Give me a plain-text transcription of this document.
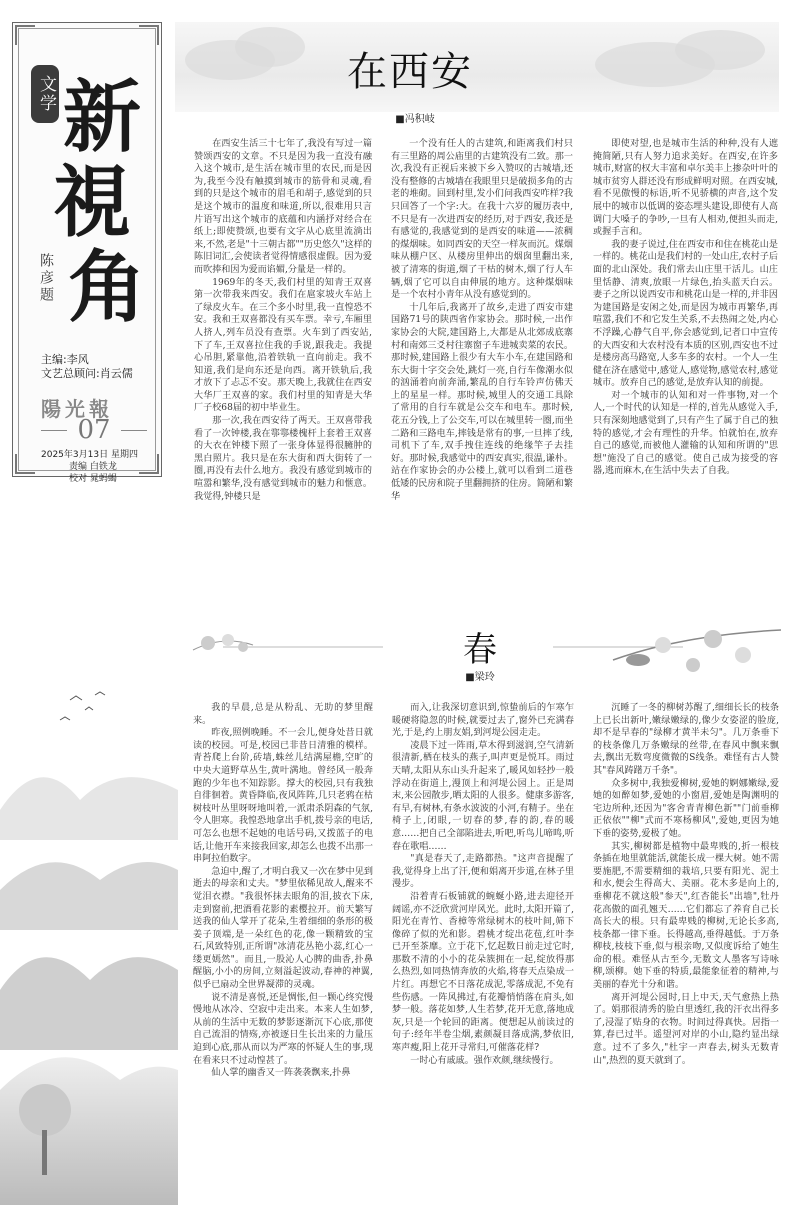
文学 新
視
角
陈彦题
主编:李风
文艺总顾问:肖云儒
陽光報
07
2025年3月13日 星期四
责编 白铁龙
校对 晁蚂蝎
在西安
■冯积岐

在西安生活三十七年了,我没有写过一篇赞颂西安的文章。不只是因为我一直没有融入这个城市,是生活在城市里的农民,而是因为,我至今没有触摸到城市的筋骨和灵魂,看到的只是这个城市的眉毛和胡子,感觉到的只是这个城市的温度和味道,所以,很难用只言片语写出这个城市的底蕴和内涵抒对经合在纸上;即使赞颂,也要有文字从心底里流淌出来,不然,老是"十三朝古都""历史悠久"这样的陈旧词汇,会使读者觉得情感很虚假。因为爱而吹捧和因为爱而谄媚,分量是一样的。

1969年的冬天,我们村里的知青王双喜第一次带我来西安。我们在扈家坡火车站上了绿皮火车。在三个多小时里,我一直惶恐不安。我和王双喜都没有买车票。幸亏,车厢里人挤人,列车员没有查票。火车到了西安站,下了车,王双喜拉住我的手说,跟我走。我提心吊胆,紧靠他,沿着铁轨一直向前走。我不知道,我们是向东还是向西。离开铁轨后,我才放下了忐忑不安。那天晚上,我就住在西安大华厂王双喜的家。我们村里的知青是大华厂子校68届的初中毕业生。

那一次,我在西安待了两天。王双喜带我看了一次钟楼,我在鄠鄠楼槐杆上套着王双喜的大衣在钟楼下照了一张身体显得很臃肿的黑白照片。我只是在东大街和西大街转了一圈,再没有去什么地方。我没有感觉到城市的喧嚣和繁华,没有感觉到城市的魅力和惬意。我觉得,钟楼只是

一个没有任人的古建筑,和距离我们村只有三里路的周公庙里的古建筑没有二致。那一次,我没有正视后来被下乡入赞叹的古城墙,还没有整修的古城墙在我眼里只是破损多角的古老的堆砌。回到村里,发小们问我西安咋样?我只回答了一个字:大。在我十六岁的履历表中,不只是有一次进西安的经历,对于西安,我还是有感觉的,我感觉到的是西安的味道——浓稠的煤烟味。如同西安的天空一样灰而沉。煤烟味从棚户区、从楼房里伸出的烟囱里翻出来,被了清寒的街道,烟了干枯的树木,烟了行人车辆,烟了它可以自由伸展的地方。这种煤烟味是一个农村小青年从没有感觉到的。

十几年后,我离开了故乡,走进了西安市建国路71号的陕西省作家协会。那时候,一出作家协会的大院,建国路上,大都是从北郊成底寨村和南郊三爻村往寨窗子车进城卖菜的农民。那时候,建国路上很少有大车小车,在建国路和东大街十字交会处,跳灯一亮,自行车像潮水似的汹涌着向前奔涌,繁乱的自行车铃声仿佛天上的星星一样。那时候,城里人的交通工具除了常用的自行车就是公交车和电车。那时候,花五分钱,上了公交车,可以在城里转一圈,而坐二路和三路电车,摔钱是常有的事,一旦摔了线,司机下了车,双手拽住连线的绝缘竿子去挂好。那时候,我感觉中的西安真实,很温,谦朴。站在作家协会的办公楼上,就可以看到二道巷低矮的民房和院子里翻拥挤的住房。简陋和繁华

即使对望,也是城市生活的种种,没有人遮掩简陋,只有人努力追求美好。在西安,在许多城市,财富的权大丰富和卓尔美丰上掺杂叶叶的城市贫穷人群还没有形成鲜明对照。在西安城,看不见傲慢的标语,听不见骄横的声音,这个发展中的城市以低调的姿态埋头建设,即使有人高调门大嗓子的争吵,一旦有人相劝,便担头而走,或握手言和。

我的妻子说过,住在西安市和住在桃花山是一样的。桃花山是我们村的一处山庄,农村子后面的北山深处。我们常去山庄里干活儿。山庄里恬静、清爽,放眼一片绿色,抬头蓝天白云。妻子之所以说西安市和桃花山是一样的,并非因为建国路是安闲之处,而是因为城市再繁华,再喧嚣,我们不和它发生关系,不去热闹之处,内心不浮躁,心静气自平,你会感觉到,记者口中宣传的大西安和大农村没有本质的区别,西安也不过是楼房高马路宽,人多车多的农村。一个人一生健在济在感觉中,感觉人,感觉物,感觉农村,感觉城市。放弃自己的感觉,是放弃认知的前提。

对一个城市的认知和对一件事物,对一个人,一个时代的认知是一样的,首先从感觉入手,只有深刻地感觉到了,只有产生了属于自己的独特的感觉,才会有理性的升华。怕就怕在,放弃自己的感觉,而被他人灌输的认知和所谓的"思想"施没了自己的感觉。使自己成为接受的容器,逃而麻木,在生活中失去了自我。

春
■梁玲

我的早晨,总是从粉乱、无助的梦里醒来。

昨夜,照例晚睡。不一会儿,便身处昔日就读的校园。可是,校园已非昔日清雅的模样。青苔爬上台阶,砖墙,蛛丝儿结满屋檐,空旷的中央大道野草丛生,黄叶满地。曾经风一般奔跑的少年也不知踪影。撑大的校园,只有我独自徘徊着。黄昏降临,夜风阵阵,几只老鸦在枯树枝叶丛里呀呀地叫着,一派肃杀阴森的气氛,令人胆寒。我惶恐地拿出手机,拨号亲的电话,可怎么也想不起她的电话号码,又拨蓝子的电话,让他开车来接我回家,却怎么也拨不出那一串阿拉伯数字。

急迫中,醒了,才明白我又一次在梦中见到逝去的母亲和丈夫。"梦里依稀见故人,醒来不觉泪衣襟。"我很怀抹去眼角的泪,披衣下床,走到窗前,把酒看花影的素樱拉开。前天繁写送我的仙人掌开了花朵,生着细细的条形的极姜子顶端,是一朵红色的花,像一颗精致的宝石,风致特别,正所谓"冰清花丛艳小蕊,红心一缕更嫣然"。而且,一股沁人心脾的曲香,扑鼻醒脑,小小的房间,立刻溢起波动,春神的神翼,似乎已扇动全世界凝滞的灵魂。

说不清是喜悦,还是惆怅,但一颗心终究慢慢地从冰冷、空寂中走出来。本来人生如梦,从前的生活中无数的梦影逐渐沉下心底,那使自己流泪的情殇,亦被逐日生长出来的力量压迫到心底,那从而以为严寒的怀疑人生的事,现在看来只不过动惶甚了。

仙人掌的幽香又一阵袭袭飘来,扑鼻

而入,让我深切意识到,惊蛰前后的乍寒乍暖硬将隐忽的时候,就要过去了,窗外已充满春光,于是,约上朋友娟,到河堤公园走走。

凌晨下过一阵雨,草木得到滋润,空气清新很清新,栖在枝头的燕子,叫声更是悦耳。雨过天晴,太阳从东山头升起来了,暖风如轻抄一般浮动在街道上,漫顶上和河堤公园上。正是周末,来公园散步,晒太阳的人很多。健康多游客,有早,有树林,有条水波波的小河,有精子。坐在椅子上,闭眼,一切春的梦,春的韵,春的暖意……把自己全部陷进去,听吧,听鸟儿啼鸣,听春在歌唱……

"真是春天了,走路都热。"这声音提醒了我,觉得身上出了汗,便和娟离开步道,在林子里漫步。

沿着青石板铺就的蜿蜒小路,进去迎径开阔谣,亦不泛欣赏河岸风光。此时,太阳开篇了,阳光在青竹、香樟等常绿树木的枝叶间,筛下像碎了似的光和影。碧桃才绽出花苞,红叶李已开至茶靡。立于花下,忆起数日前走过它时,那数不清的小小的花朵簇拥在一起,绽放得那么热烈,如同热情奔放的火焰,将春天点染成一片红。再想它不日落花成泥,零落成泥,不免有些伤感。一阵风拂过,有花瓣悄悄落在肩头,如梦一般。落花如梦,人生若梦,花开无意,落地成灰,只是一个轮回的距离。便想起从前读过的句子:经年半卷尘烟,素颜凝目落成满,梦依旧,寒声瘦,阳上花开寻常归,可催落花样?

一时心有戚戚。强作欢颜,继续慢行。

沉睡了一冬的柳树苏醒了,细细长长的枝条上已长出新叶,嫩绿嫩绿的,像少女姿涩的脸庞,却不是早春的"绿柳才黄半未匀"。几万条垂下的枝条像几万条嫩绿的丝带,在春风中飘来飘去,飘出无数弯度微微的S线条。难怪有古人赞其"春风踌躇万千条"。

众多树中,我独爱柳树,爱她的婀娜嫩绿,爱她的如醉如梦,爱她的小窗眉,爱她是陶渊明的宅边所种,还因为"客舍青青柳色新""门前垂柳正依依""柳"式而不寒杨柳风",爱她,更因为她下垂的姿势,爱极了她。

其实,柳树都是植物中最卑贱的,折一根枝条插在地里就能活,就能长成一棵大树。她不需要施肥,不需要精细的栽培,只要有阳光、泥土和水,便会生得高大、美丽。花木多是向上的,垂柳花不就这般"参天",红杏能长"出墙",牡丹花高傲的面孔翘天……它们都忘了养育自己长高长大的根。只有最卑贱的柳树,无论长多高,枝条都一律下垂。长得越高,垂得越低。于万条柳枝,枝枝下垂,似与根亲吻,又似度诉给了她生命的根。难怪从古至今,无数文人墨客写诗咏柳,颂柳。她下垂的特质,最能象征着的精神,与美丽的春光十分和谐。

离开河堤公园时,日上中天,天气愈热上热了。娟那很清秀的脸白里透红,我的汗衣出得多了,浸湿了贴身的衣物。时间过得真快。居指一算,春已过半。遥望河对岸的小山,隐约显出绿意。过不了多久,"杜宇一声春去,树头无数青山",热烈的夏天就到了。
